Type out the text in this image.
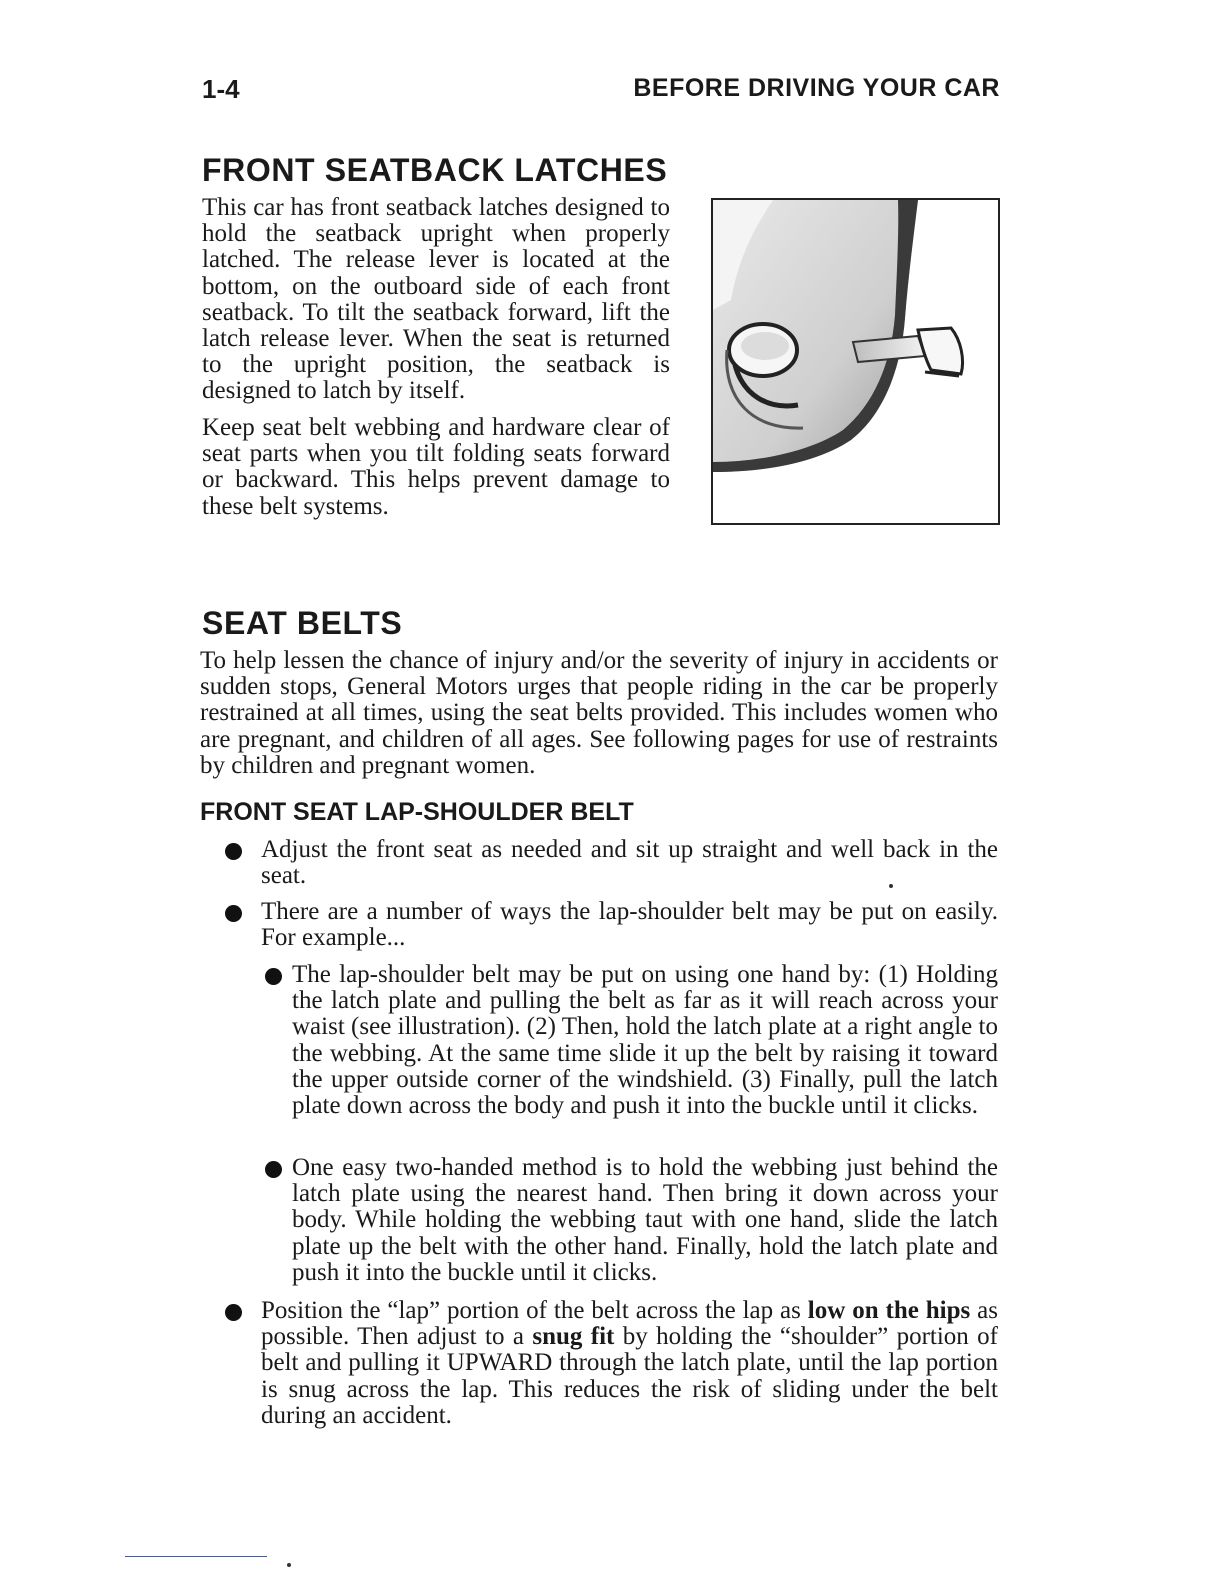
1-4	BEFORE DRIVING YOUR CAR
FRONT SEATBACK LATCHES
This car has front seatback latches designed to hold the seatback upright when properly latched. The release lever is located at the bottom, on the outboard side of each front seatback. To tilt the seatback forward, lift the latch release lever. When the seat is returned to the upright position, the seatback is designed to latch by itself.
Keep seat belt webbing and hardware clear of seat parts when you tilt folding seats forward or backward. This helps prevent damage to these belt systems.
SEAT BELTS
To help lessen the chance of injury and/or the severity of injury in accidents or sudden stops, General Motors urges that people riding in the car be properly restrained at all times, using the seat belts provided. This includes women who are pregnant, and children of all ages. See following pages for use of restraints by children and pregnant women.
FRONT SEAT LAP-SHOULDER BELT
Adjust the front seat as needed and sit up straight and well back in the seat.
There are a number of ways the lap-shoulder belt may be put on easily. For example...
The lap-shoulder belt may be put on using one hand by: (1) Holding the latch plate and pulling the belt as far as it will reach across your waist (see illustration). (2) Then, hold the latch plate at a right angle to the webbing. At the same time slide it up the belt by raising it toward the upper outside corner of the windshield. (3) Finally, pull the latch plate down across the body and push it into the buckle until it clicks.
One easy two-handed method is to hold the webbing just behind the latch plate using the nearest hand. Then bring it down across your body. While holding the webbing taut with one hand, slide the latch plate up the belt with the other hand. Finally, hold the latch plate and push it into the buckle until it clicks.
Position the “lap” portion of the belt across the lap as low on the hips as possible. Then adjust to a snug fit by holding the “shoulder” portion of belt and pulling it UPWARD through the latch plate, until the lap portion is snug across the lap. This reduces the risk of sliding under the belt during an accident.
